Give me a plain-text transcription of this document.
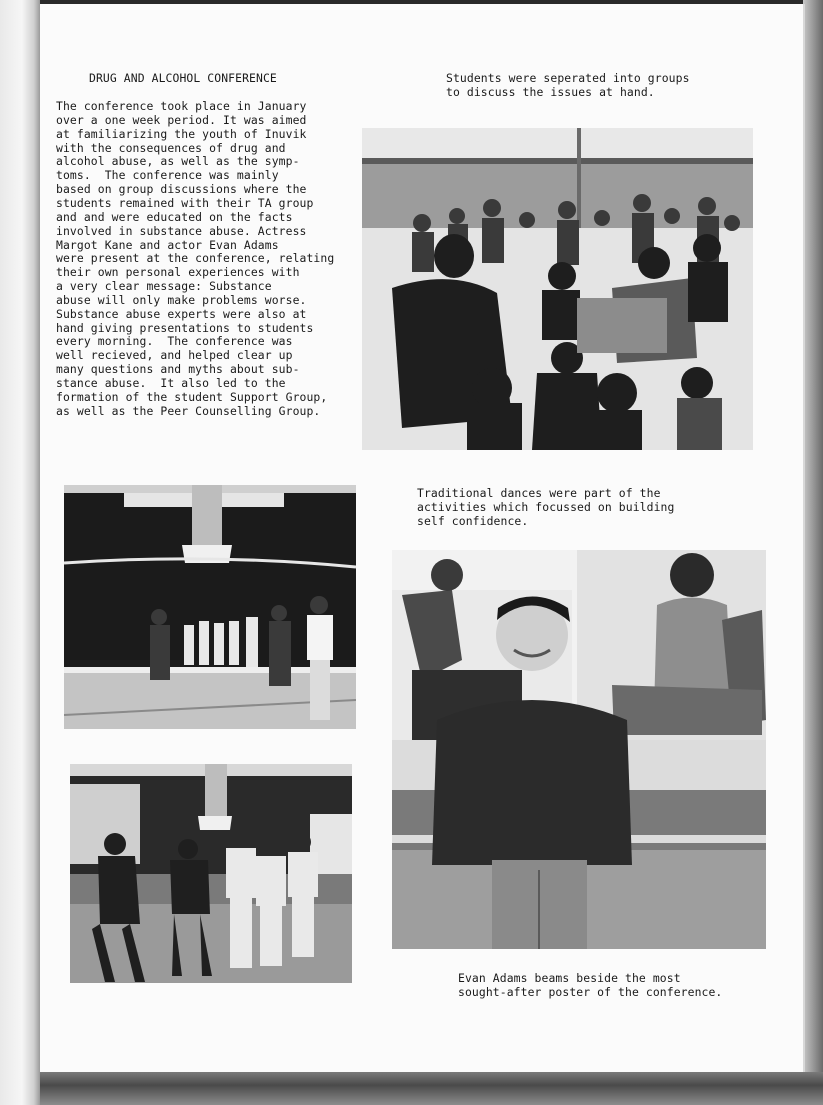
DRUG AND ALCOHOL CONFERENCE
The conference took place in January
over a one week period. It was aimed
at familiarizing the youth of Inuvik
with the consequences of drug and
alcohol abuse, as well as the symp-
toms.  The conference was mainly
based on group discussions where the
students remained with their TA group
and and were educated on the facts
involved in substance abuse. Actress
Margot Kane and actor Evan Adams
were present at the conference, relating
their own personal experiences with
a very clear message: Substance
abuse will only make problems worse.
Substance abuse experts were also at
hand giving presentations to students
every morning.  The conference was
well recieved, and helped clear up
many questions and myths about sub-
stance abuse.  It also led to the
formation of the student Support Group,
as well as the Peer Counselling Group.
Students were seperated into groups
to discuss the issues at hand.
Traditional dances were part of the
activities which focussed on building
self confidence.
Evan Adams beams beside the most
sought-after poster of the conference.
